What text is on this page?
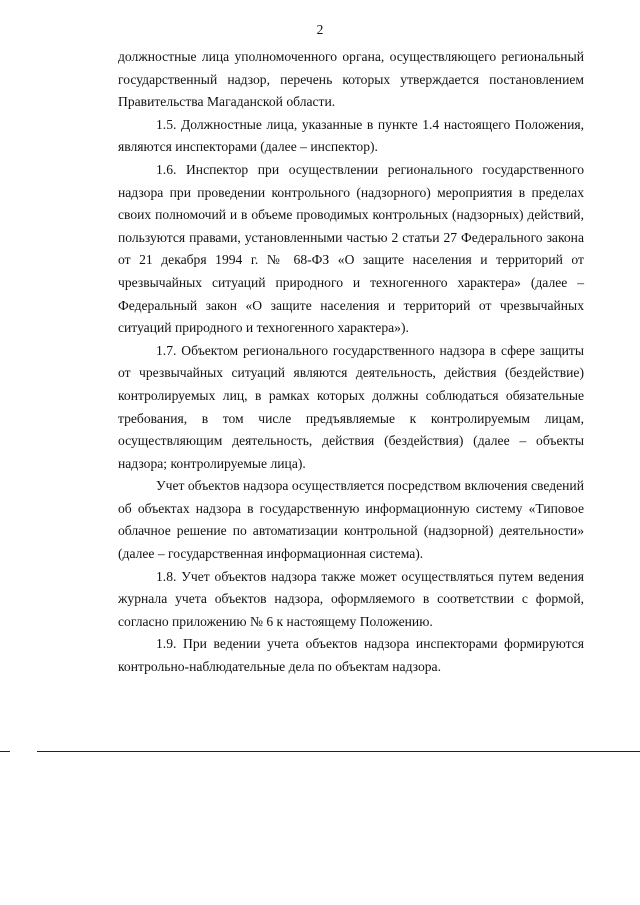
2

должностные лица уполномоченного органа, осуществляющего региональный государственный надзор, перечень которых утверждается постановлением Правительства Магаданской области.

1.5. Должностные лица, указанные в пункте 1.4 настоящего Положения, являются инспекторами (далее – инспектор).

1.6. Инспектор при осуществлении регионального государственного надзора при проведении контрольного (надзорного) мероприятия в пределах своих полномочий и в объеме проводимых контрольных (надзорных) действий, пользуются правами, установленными частью 2 статьи 27 Федерального закона от 21 декабря 1994 г. № 68-ФЗ «О защите населения и территорий от чрезвычайных ситуаций природного и техногенного характера» (далее – Федеральный закон «О защите населения и территорий от чрезвычайных ситуаций природного и техногенного характера»).

1.7. Объектом регионального государственного надзора в сфере защиты от чрезвычайных ситуаций являются деятельность, действия (бездействие) контролируемых лиц, в рамках которых должны соблюдаться обязательные требования, в том числе предъявляемые к контролируемым лицам, осуществляющим деятельность, действия (бездействия) (далее – объекты надзора; контролируемые лица).

Учет объектов надзора осуществляется посредством включения сведений об объектах надзора в государственную информационную систему «Типовое облачное решение по автоматизации контрольной (надзорной) деятельности» (далее – государственная информационная система).

1.8. Учет объектов надзора также может осуществляться путем ведения журнала учета объектов надзора, оформляемого в соответствии с формой, согласно приложению № 6 к настоящему Положению.

1.9. При ведении учета объектов надзора инспекторами формируются контрольно-наблюдательные дела по объектам надзора.
